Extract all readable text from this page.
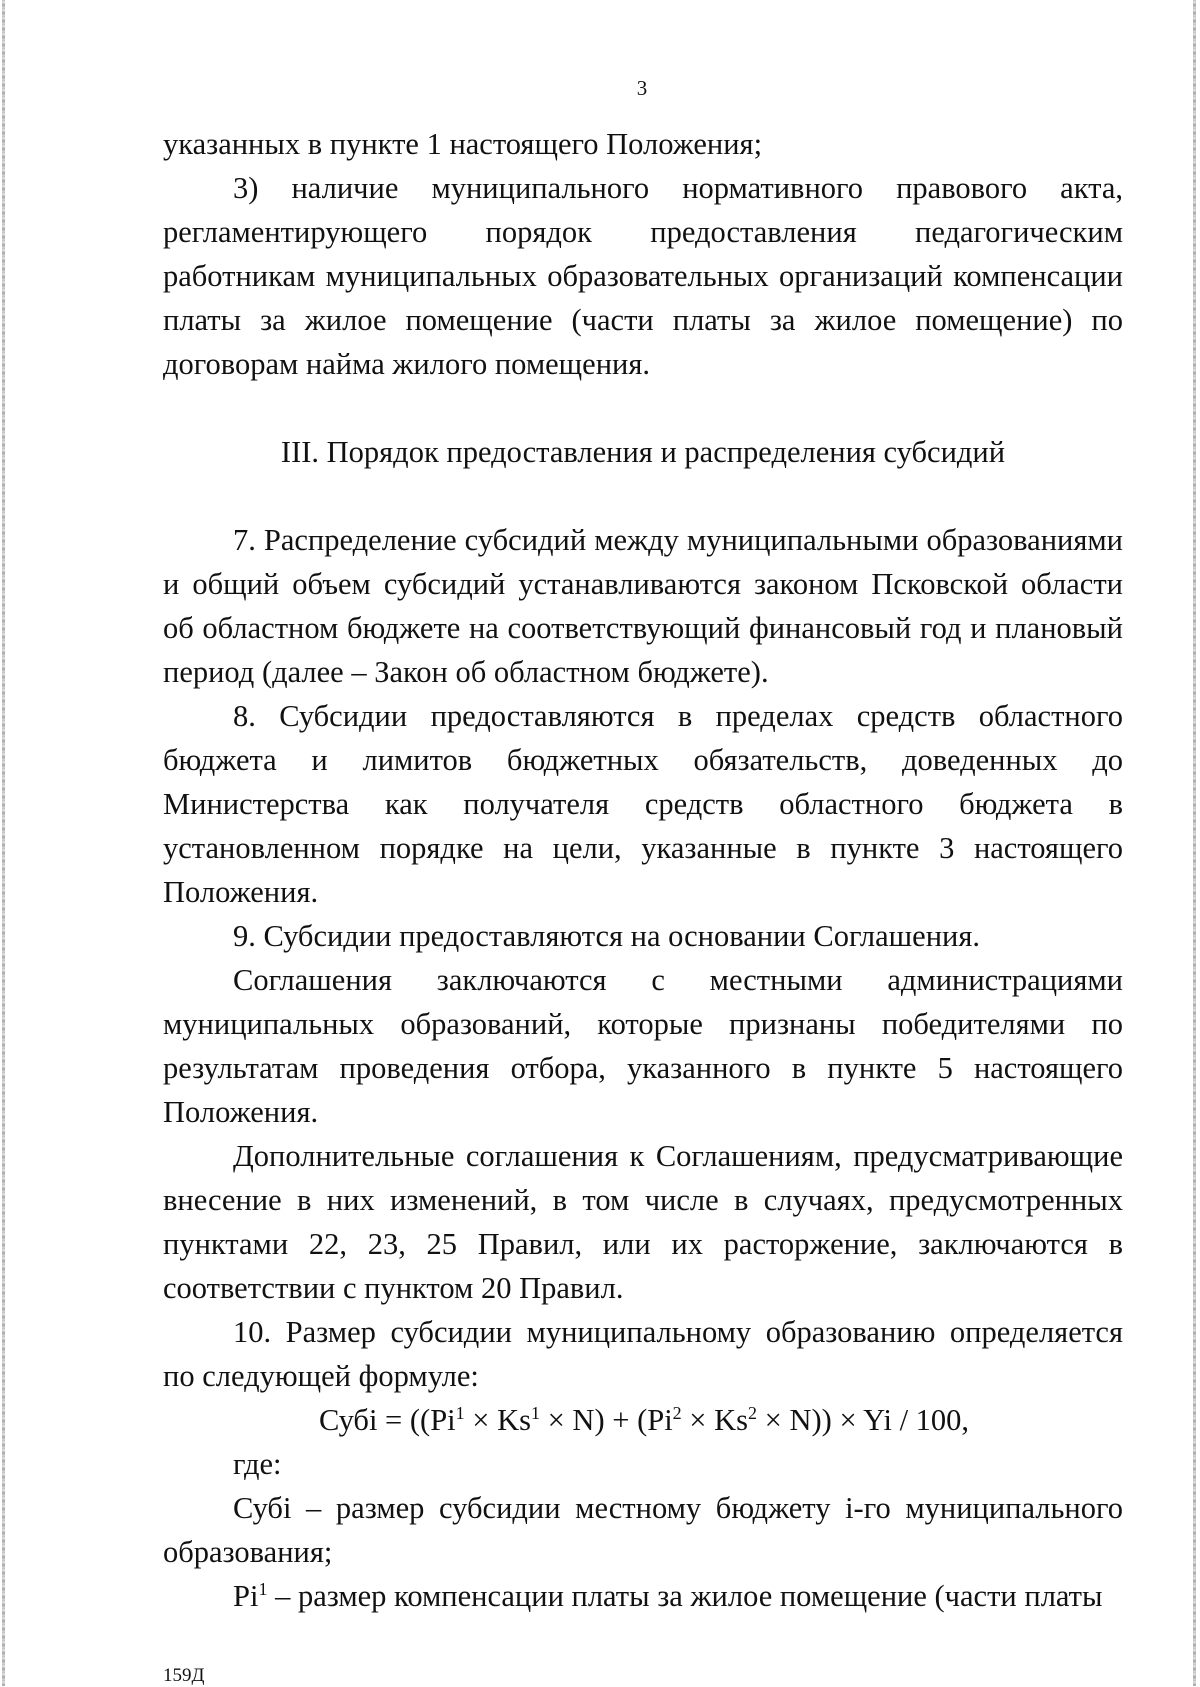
3

указанных в пункте 1 настоящего Положения;

3) наличие муниципального нормативного правового акта, регламентирующего порядок предоставления педагогическим работникам муниципальных образовательных организаций компенсации платы за жилое помещение (части платы за жилое помещение) по договорам найма жилого помещения.

III. Порядок предоставления и распределения субсидий

7. Распределение субсидий между муниципальными образованиями и общий объем субсидий устанавливаются законом Псковской области об областном бюджете на соответствующий финансовый год и плановый период (далее – Закон об областном бюджете).

8. Субсидии предоставляются в пределах средств областного бюджета и лимитов бюджетных обязательств, доведенных до Министерства как получателя средств областного бюджета в установленном порядке на цели, указанные в пункте 3 настоящего Положения.

9. Субсидии предоставляются на основании Соглашения.

Соглашения заключаются с местными администрациями муниципальных образований, которые признаны победителями по результатам проведения отбора, указанного в пункте 5 настоящего Положения.

Дополнительные соглашения к Соглашениям, предусматривающие внесение в них изменений, в том числе в случаях, предусмотренных пунктами 22, 23, 25 Правил, или их расторжение, заключаются в соответствии с пунктом 20 Правил.

10. Размер субсидии муниципальному образованию определяется по следующей формуле:

Субi = $((Pi^1 \times Ks^1 \times N) + (Pi^2 \times Ks^2 \times N)) \times Yi / 100$,

где:

Субi – размер субсидии местному бюджету i-го муниципального образования;

Pi$^1$ – размер компенсации платы за жилое помещение (части платы

159Д
